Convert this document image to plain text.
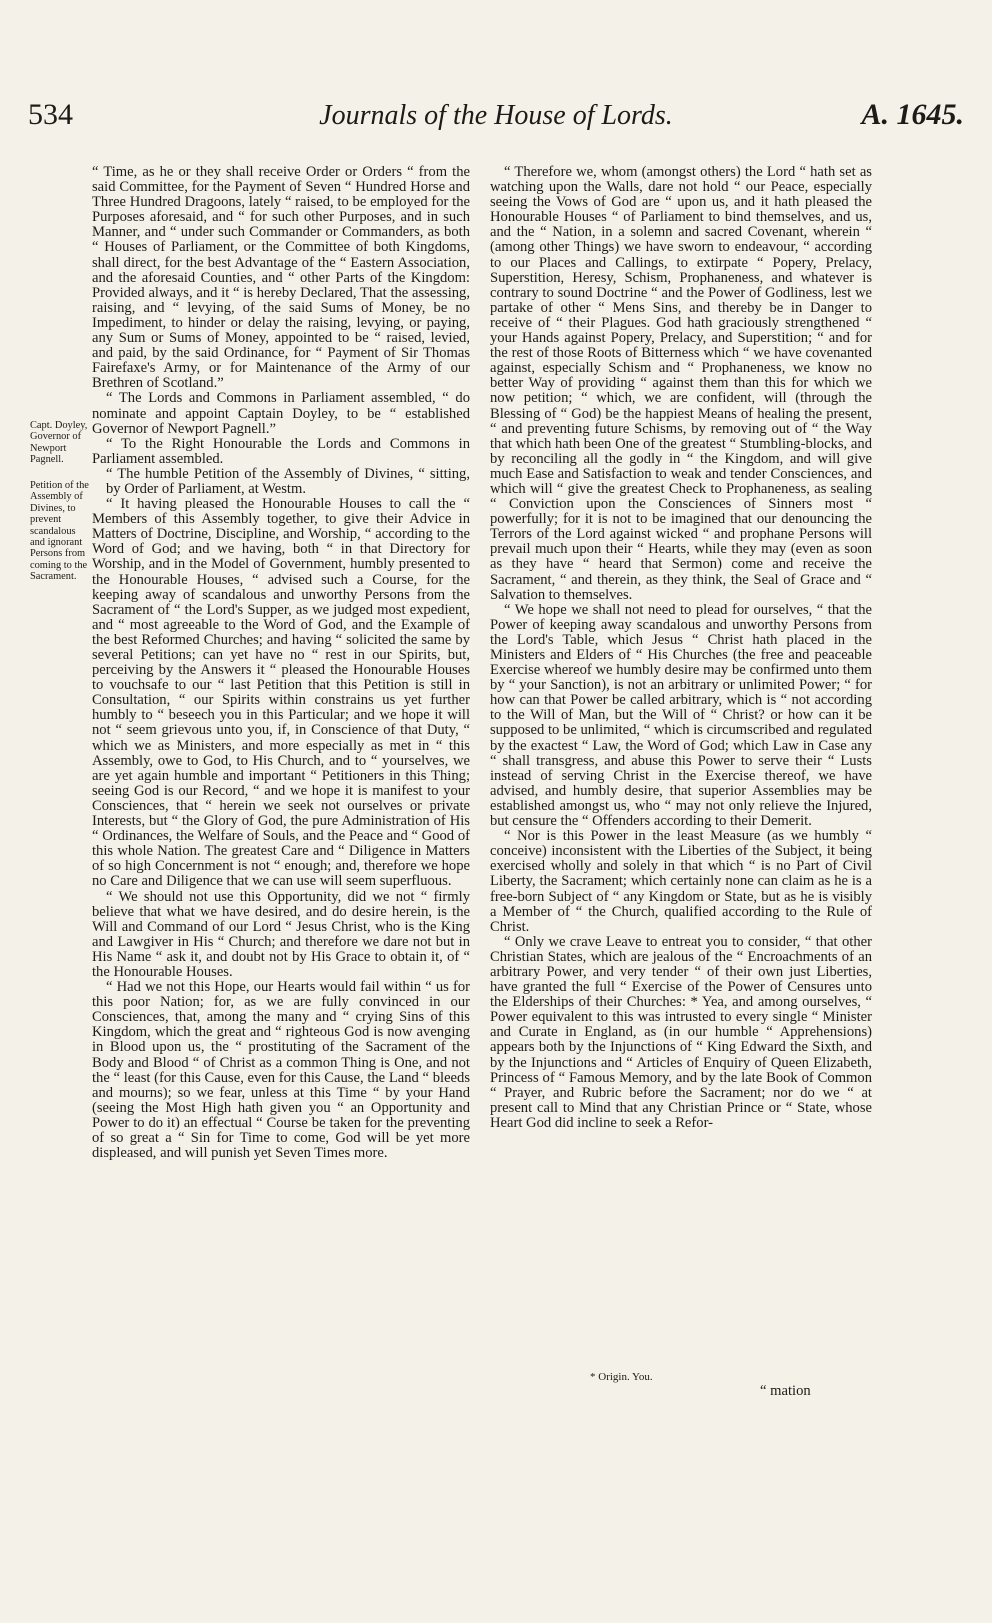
534	Journals of the House of Lords.	A. 1645.
Capt. Doyley, Governor of Newport Pagnell.
Petition of the Assembly of Divines, to prevent scandalous and ignorant Persons from coming to the Sacrament.

“ Time, as he or they shall receive Order or Orders “ from the said Committee, for the Payment of Seven “ Hundred Horse and Three Hundred Dragoons, lately “ raised, to be employed for the Purposes aforesaid, and “ for such other Purposes, and in such Manner, and “ under such Commander or Commanders, as both “ Houses of Parliament, or the Committee of both Kingdoms, shall direct, for the best Advantage of the “ Eastern Association, and the aforesaid Counties, and “ other Parts of the Kingdom: Provided always, and it “ is hereby Declared, That the assessing, raising, and “ levying, of the said Sums of Money, be no Impediment, to hinder or delay the raising, levying, or paying, any Sum or Sums of Money, appointed to be “ raised, levied, and paid, by the said Ordinance, for “ Payment of Sir Thomas Fairefaxe's Army, or for Maintenance of the Army of our Brethren of Scotland.”

“ The Lords and Commons in Parliament assembled, “ do nominate and appoint Captain Doyley, to be “ established Governor of Newport Pagnell.”

“ To the Right Honourable the Lords and Commons in Parliament assembled.

“ The humble Petition of the Assembly of Divines, “ sitting, by Order of Parliament, at Westm.

“ It having pleased the Honourable Houses to call the “ Members of this Assembly together, to give their Advice in Matters of Doctrine, Discipline, and Worship, “ according to the Word of God; and we having, both “ in that Directory for Worship, and in the Model of Government, humbly presented to the Honourable Houses, “ advised such a Course, for the keeping away of scandalous and unworthy Persons from the Sacrament of “ the Lord's Supper, as we judged most expedient, and “ most agreeable to the Word of God, and the Example of the best Reformed Churches; and having “ solicited the same by several Petitions; can yet have no “ rest in our Spirits, but, perceiving by the Answers it “ pleased the Honourable Houses to vouchsafe to our “ last Petition that this Petition is still in Consultation, “ our Spirits within constrains us yet further humbly to “ beseech you in this Particular; and we hope it will not “ seem grievous unto you, if, in Conscience of that Duty, “ which we as Ministers, and more especially as met in “ this Assembly, owe to God, to His Church, and to “ yourselves, we are yet again humble and important “ Petitioners in this Thing; seeing God is our Record, “ and we hope it is manifest to your Consciences, that “ herein we seek not ourselves or private Interests, but “ the Glory of God, the pure Administration of His “ Ordinances, the Welfare of Souls, and the Peace and “ Good of this whole Nation. The greatest Care and “ Diligence in Matters of so high Concernment is not “ enough; and, therefore we hope no Care and Diligence that we can use will seem superfluous.

“ We should not use this Opportunity, did we not “ firmly believe that what we have desired, and do desire herein, is the Will and Command of our Lord “ Jesus Christ, who is the King and Lawgiver in His “ Church; and therefore we dare not but in His Name “ ask it, and doubt not by His Grace to obtain it, of “ the Honourable Houses.

“ Had we not this Hope, our Hearts would fail within “ us for this poor Nation; for, as we are fully convinced in our Consciences, that, among the many and “ crying Sins of this Kingdom, which the great and “ righteous God is now avenging in Blood upon us, the “ prostituting of the Sacrament of the Body and Blood “ of Christ as a common Thing is One, and not the “ least (for this Cause, even for this Cause, the Land “ bleeds and mourns); so we fear, unless at this Time “ by your Hand (seeing the Most High hath given you “ an Opportunity and Power to do it) an effectual “ Course be taken for the preventing of so great a “ Sin for Time to come, God will be yet more displeased, and will punish yet Seven Times more.

“ Therefore we, whom (amongst others) the Lord “ hath set as watching upon the Walls, dare not hold “ our Peace, especially seeing the Vows of God are “ upon us, and it hath pleased the Honourable Houses “ of Parliament to bind themselves, and us, and the “ Nation, in a solemn and sacred Covenant, wherein “ (among other Things) we have sworn to endeavour, “ according to our Places and Callings, to extirpate “ Popery, Prelacy, Superstition, Heresy, Schism, Prophaneness, and whatever is contrary to sound Doctrine “ and the Power of Godliness, lest we partake of other “ Mens Sins, and thereby be in Danger to receive of “ their Plagues. God hath graciously strengthened “ your Hands against Popery, Prelacy, and Superstition; “ and for the rest of those Roots of Bitterness which “ we have covenanted against, especially Schism and “ Prophaneness, we know no better Way of providing “ against them than this for which we now petition; “ which, we are confident, will (through the Blessing of “ God) be the happiest Means of healing the present, “ and preventing future Schisms, by removing out of “ the Way that which hath been One of the greatest “ Stumbling-blocks, and by reconciling all the godly in “ the Kingdom, and will give much Ease and Satisfaction to weak and tender Consciences, and which will “ give the greatest Check to Prophaneness, as sealing “ Conviction upon the Consciences of Sinners most “ powerfully; for it is not to be imagined that our denouncing the Terrors of the Lord against wicked “ and prophane Persons will prevail much upon their “ Hearts, while they may (even as soon as they have “ heard that Sermon) come and receive the Sacrament, “ and therein, as they think, the Seal of Grace and “ Salvation to themselves.

“ We hope we shall not need to plead for ourselves, “ that the Power of keeping away scandalous and unworthy Persons from the Lord's Table, which Jesus “ Christ hath placed in the Ministers and Elders of “ His Churches (the free and peaceable Exercise whereof we humbly desire may be confirmed unto them by “ your Sanction), is not an arbitrary or unlimited Power; “ for how can that Power be called arbitrary, which is “ not according to the Will of Man, but the Will of “ Christ? or how can it be supposed to be unlimited, “ which is circumscribed and regulated by the exactest “ Law, the Word of God; which Law in Case any “ shall transgress, and abuse this Power to serve their “ Lusts instead of serving Christ in the Exercise thereof, we have advised, and humbly desire, that superior Assemblies may be established amongst us, who “ may not only relieve the Injured, but censure the “ Offenders according to their Demerit.

“ Nor is this Power in the least Measure (as we humbly “ conceive) inconsistent with the Liberties of the Subject, it being exercised wholly and solely in that which “ is no Part of Civil Liberty, the Sacrament; which certainly none can claim as he is a free-born Subject of “ any Kingdom or State, but as he is visibly a Member of “ the Church, qualified according to the Rule of Christ.

“ Only we crave Leave to entreat you to consider, “ that other Christian States, which are jealous of the “ Encroachments of an arbitrary Power, and very tender “ of their own just Liberties, have granted the full “ Exercise of the Power of Censures unto the Elderships of their Churches: * Yea, and among ourselves, “ Power equivalent to this was intrusted to every single “ Minister and Curate in England, as (in our humble “ Apprehensions) appears both by the Injunctions of “ King Edward the Sixth, and by the Injunctions and “ Articles of Enquiry of Queen Elizabeth, Princess of “ Famous Memory, and by the late Book of Common “ Prayer, and Rubric before the Sacrament; nor do we “ at present call to Mind that any Christian Prince or “ State, whose Heart God did incline to seek a Refor-

* Origin. You.
“ mation
